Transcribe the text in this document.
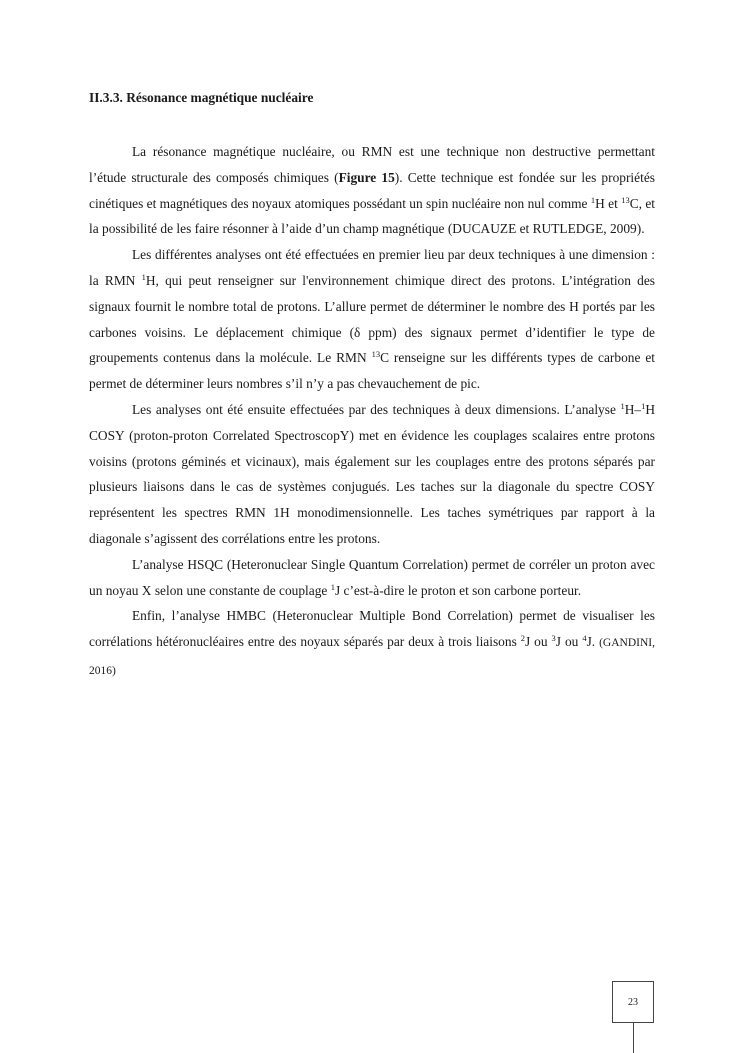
II.3.3. Résonance magnétique nucléaire

La résonance magnétique nucléaire, ou RMN est une technique non destructive permettant l’étude structurale des composés chimiques (Figure 15). Cette technique est fondée sur les propriétés cinétiques et magnétiques des noyaux atomiques possédant un spin nucléaire non nul comme $^1$H et $^{13}$C, et la possibilité de les faire résonner à l’aide d’un champ magnétique (DUCAUZE et RUTLEDGE, 2009).

Les différentes analyses ont été effectuées en premier lieu par deux techniques à une dimension : la RMN $^1$H, qui peut renseigner sur l'environnement chimique direct des protons. L’intégration des signaux fournit le nombre total de protons. L’allure permet de déterminer le nombre des H portés par les carbones voisins. Le déplacement chimique (δ ppm) des signaux permet d’identifier le type de groupements contenus dans la molécule. Le RMN $^{13}$C renseigne sur les différents types de carbone et permet de déterminer leurs nombres s’il n’y a pas chevauchement de pic.

Les analyses ont été ensuite effectuées par des techniques à deux dimensions. L’analyse $^1$H–$^1$H COSY (proton-proton Correlated SpectroscopY) met en évidence les couplages scalaires entre protons voisins (protons géminés et vicinaux), mais également sur les couplages entre des protons séparés par plusieurs liaisons dans le cas de systèmes conjugués. Les taches sur la diagonale du spectre COSY représentent les spectres RMN 1H monodimensionnelle. Les taches symétriques par rapport à la diagonale s’agissent des corrélations entre les protons.

L’analyse HSQC (Heteronuclear Single Quantum Correlation) permet de corréler un proton avec un noyau X selon une constante de couplage $^1$J c’est-à-dire le proton et son carbone porteur.

Enfin, l’analyse HMBC (Heteronuclear Multiple Bond Correlation) permet de visualiser les corrélations hétéronucléaires entre des noyaux séparés par deux à trois liaisons $^2$J ou $^3$J ou $^4$J. (GANDINI, 2016)

23
